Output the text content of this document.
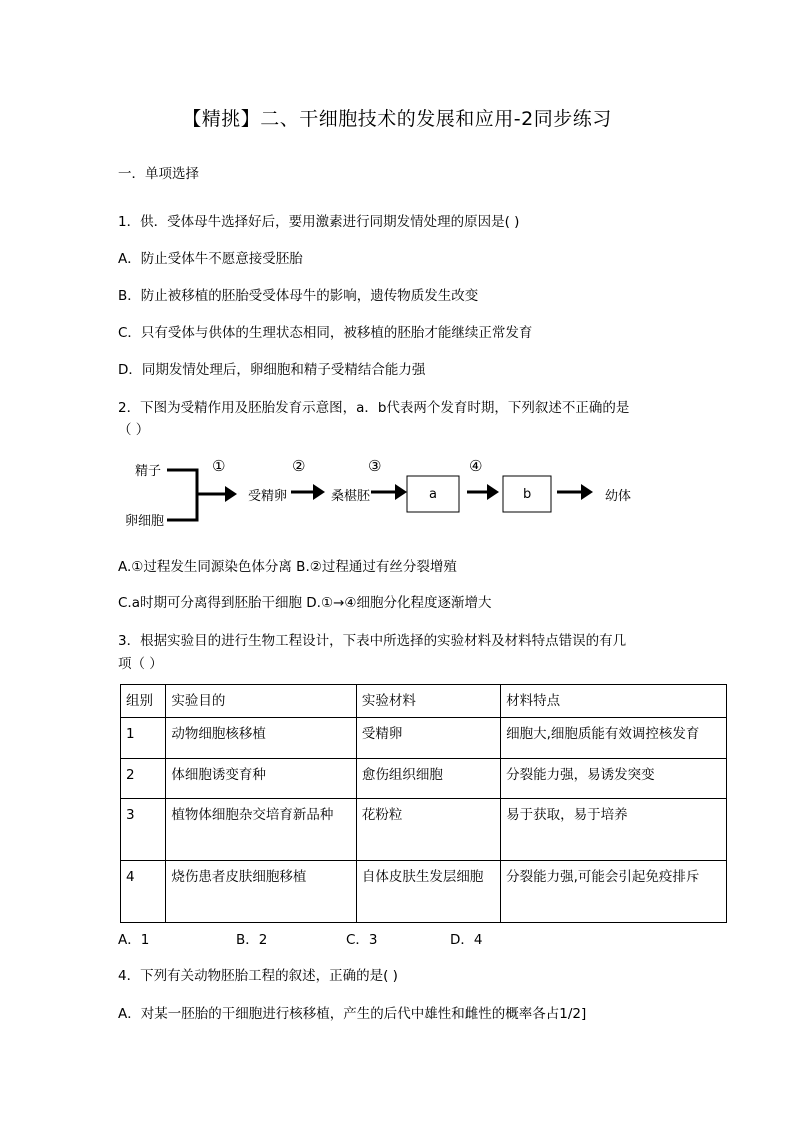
【精挑】二、干细胞技术的发展和应用-2同步练习
一．单项选择
1．供．受体母牛选择好后，要用激素进行同期发情处理的原因是( )
A．防止受体牛不愿意接受胚胎
B．防止被移植的胚胎受受体母牛的影响，遗传物质发生改变
C．只有受体与供体的生理状态相同，被移植的胚胎才能继续正常发育
D．同期发情处理后，卵细胞和精子受精结合能力强
2．下图为受精作用及胚胎发育示意图，a．b代表两个发育时期，下列叙述不正确的是
（ ）
精子
卵细胞
①
受精卵
②
桑椹胚
③
a
④
b	幼体
A.①过程发生同源染色体分离 B.②过程通过有丝分裂增殖
C.a时期可分离得到胚胎干细胞 D.①→④细胞分化程度逐渐增大
3．根据实验目的进行生物工程设计，下表中所选择的实验材料及材料特点错误的有几
项（ ）
组别	实验目的	实验材料	材料特点
1	动物细胞核移植	受精卵	细胞大,细胞质能有效调控核发育
2	体细胞诱变育种	愈伤组织细胞	分裂能力强，易诱发突变
3	植物体细胞杂交培育新品种	花粉粒	易于获取，易于培养
4	烧伤患者皮肤细胞移植	自体皮肤生发层细胞	分裂能力强,可能会引起免疫排斥
A．1	B．2	C．3	D．4
4．下列有关动物胚胎工程的叙述，正确的是( )
A．对某一胚胎的干细胞进行核移植，产生的后代中雄性和雌性的概率各占1/2]
